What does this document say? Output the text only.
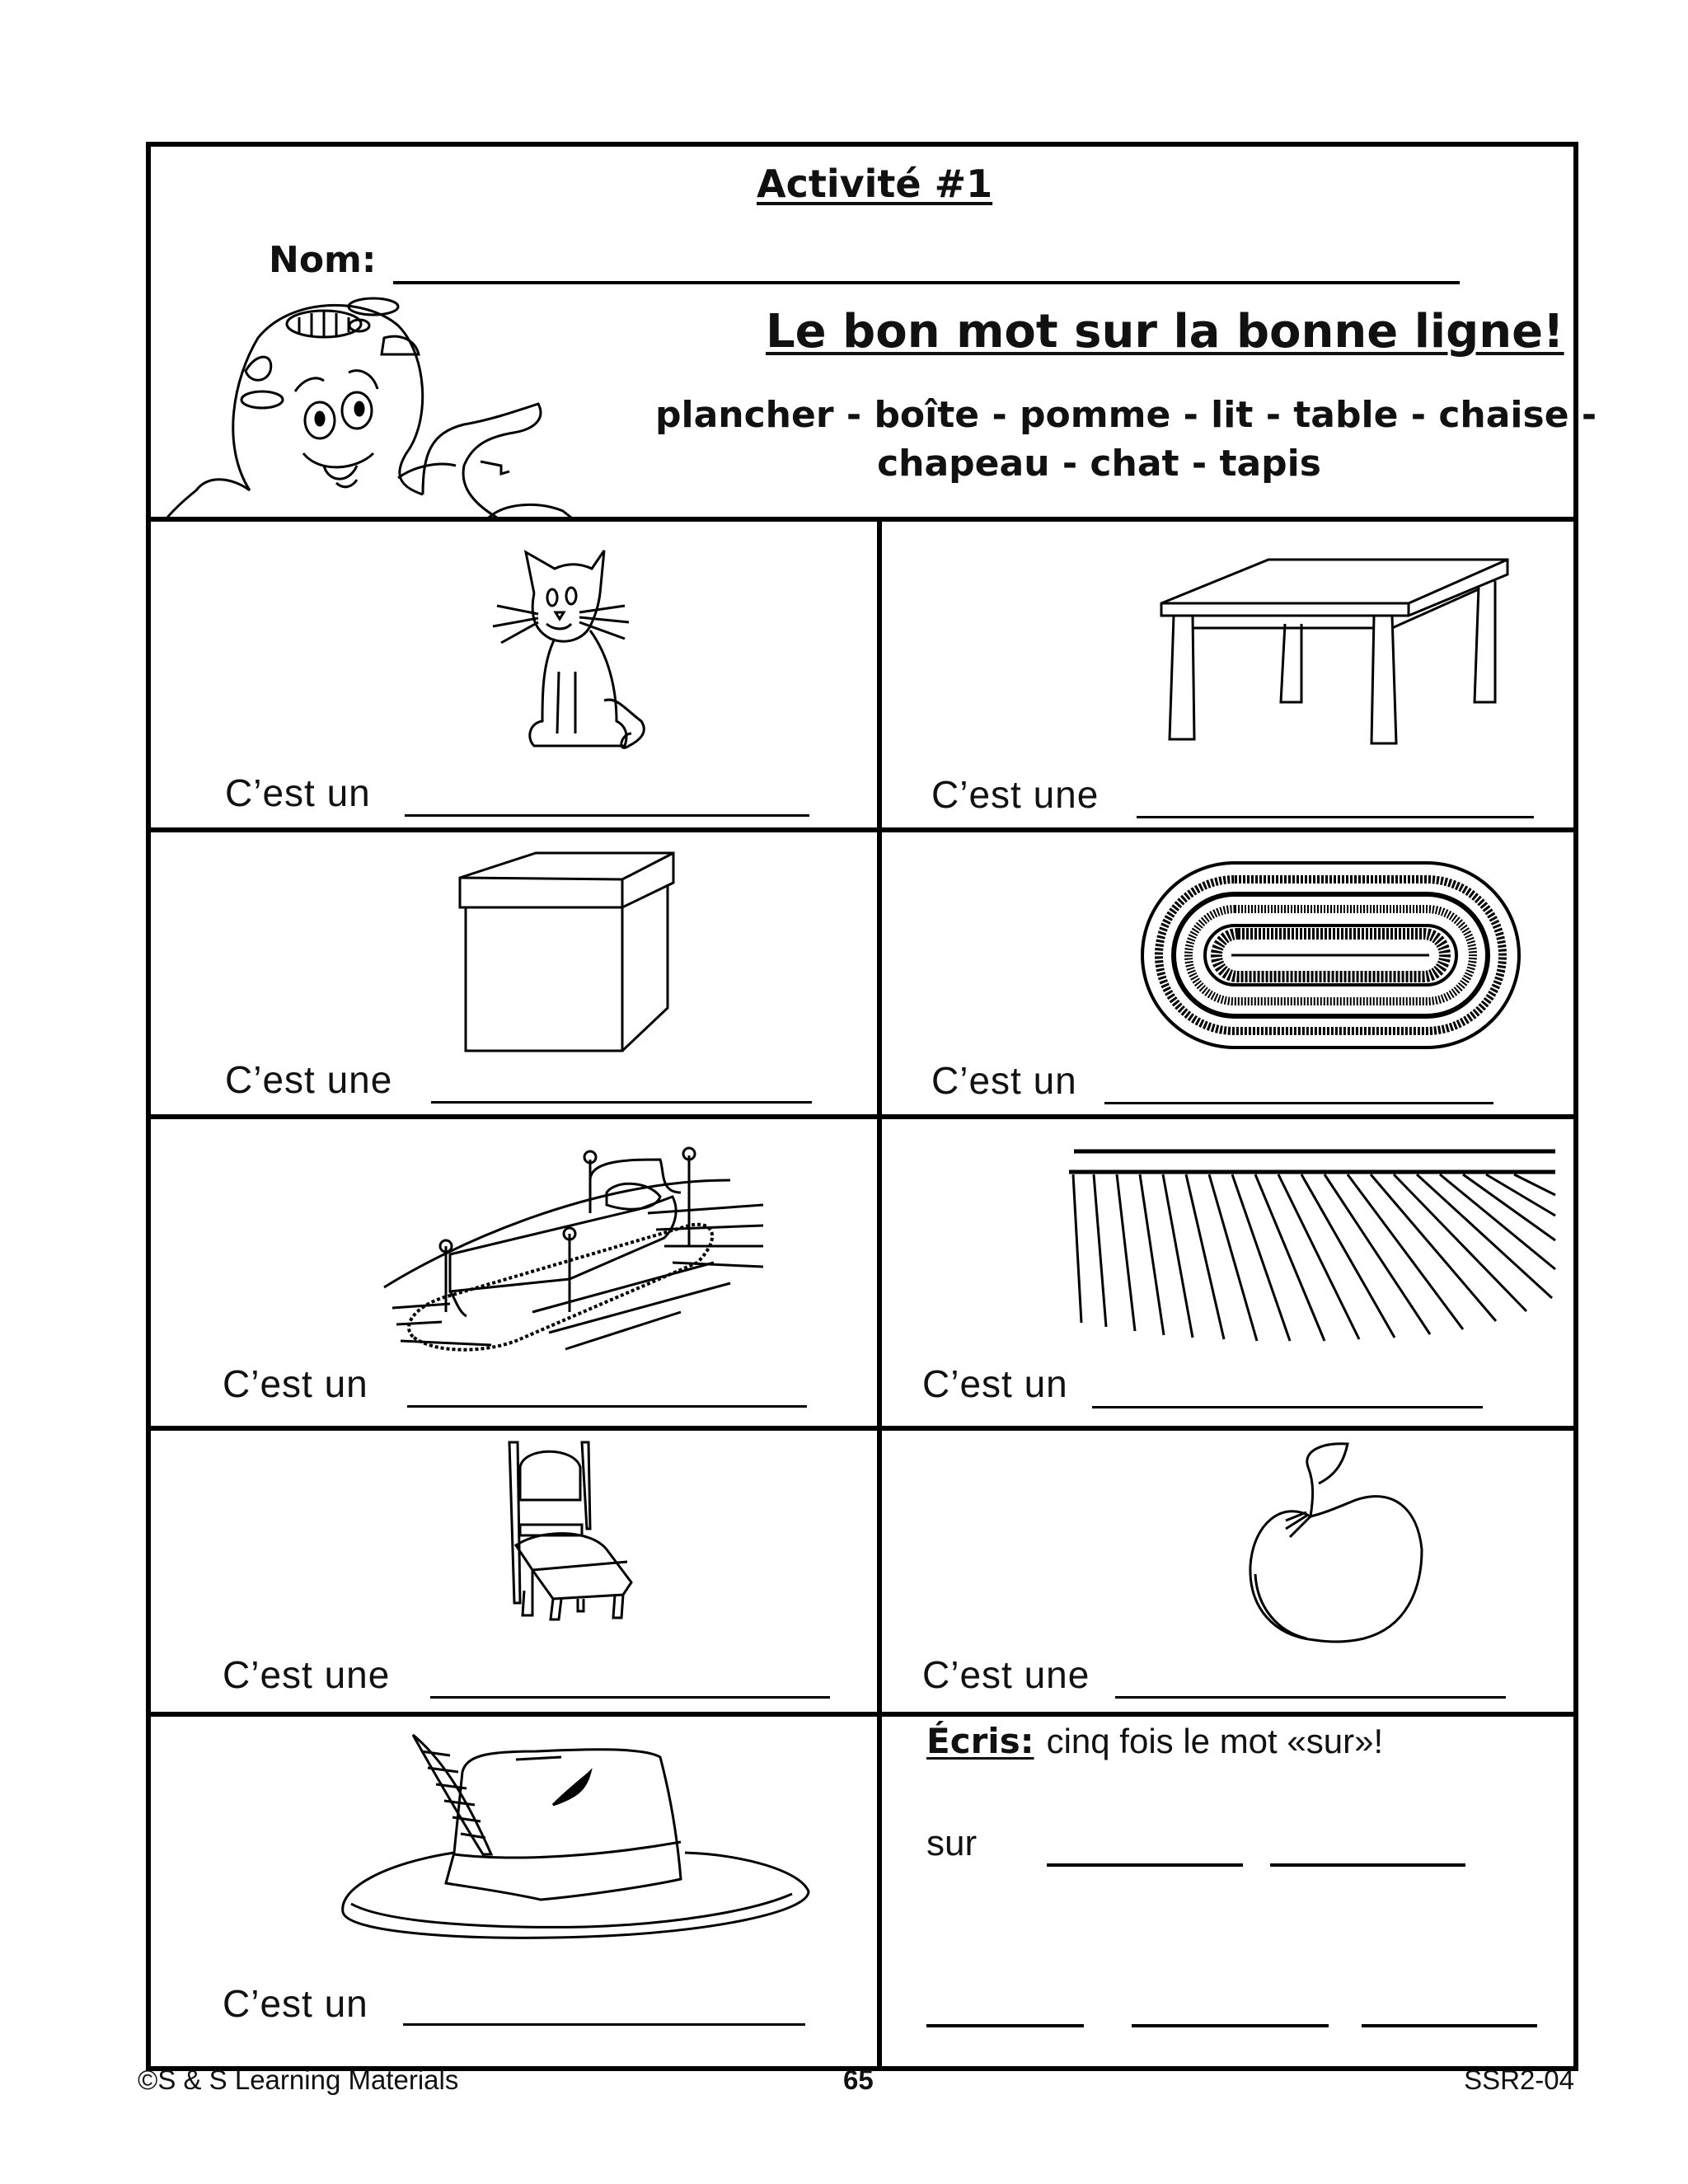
Activité #1
Nom:
Le bon mot sur la bonne ligne!
plancher - boîte - pomme - lit - table - chaise -
chapeau - chat - tapis
C’est un	C’est une
C’est une	C’est un
C’est un	C’est un
C’est une	C’est une
C’est un
Écris: cinq fois le mot «sur»!
sur
©S & S Learning Materials	65	SSR2-04
